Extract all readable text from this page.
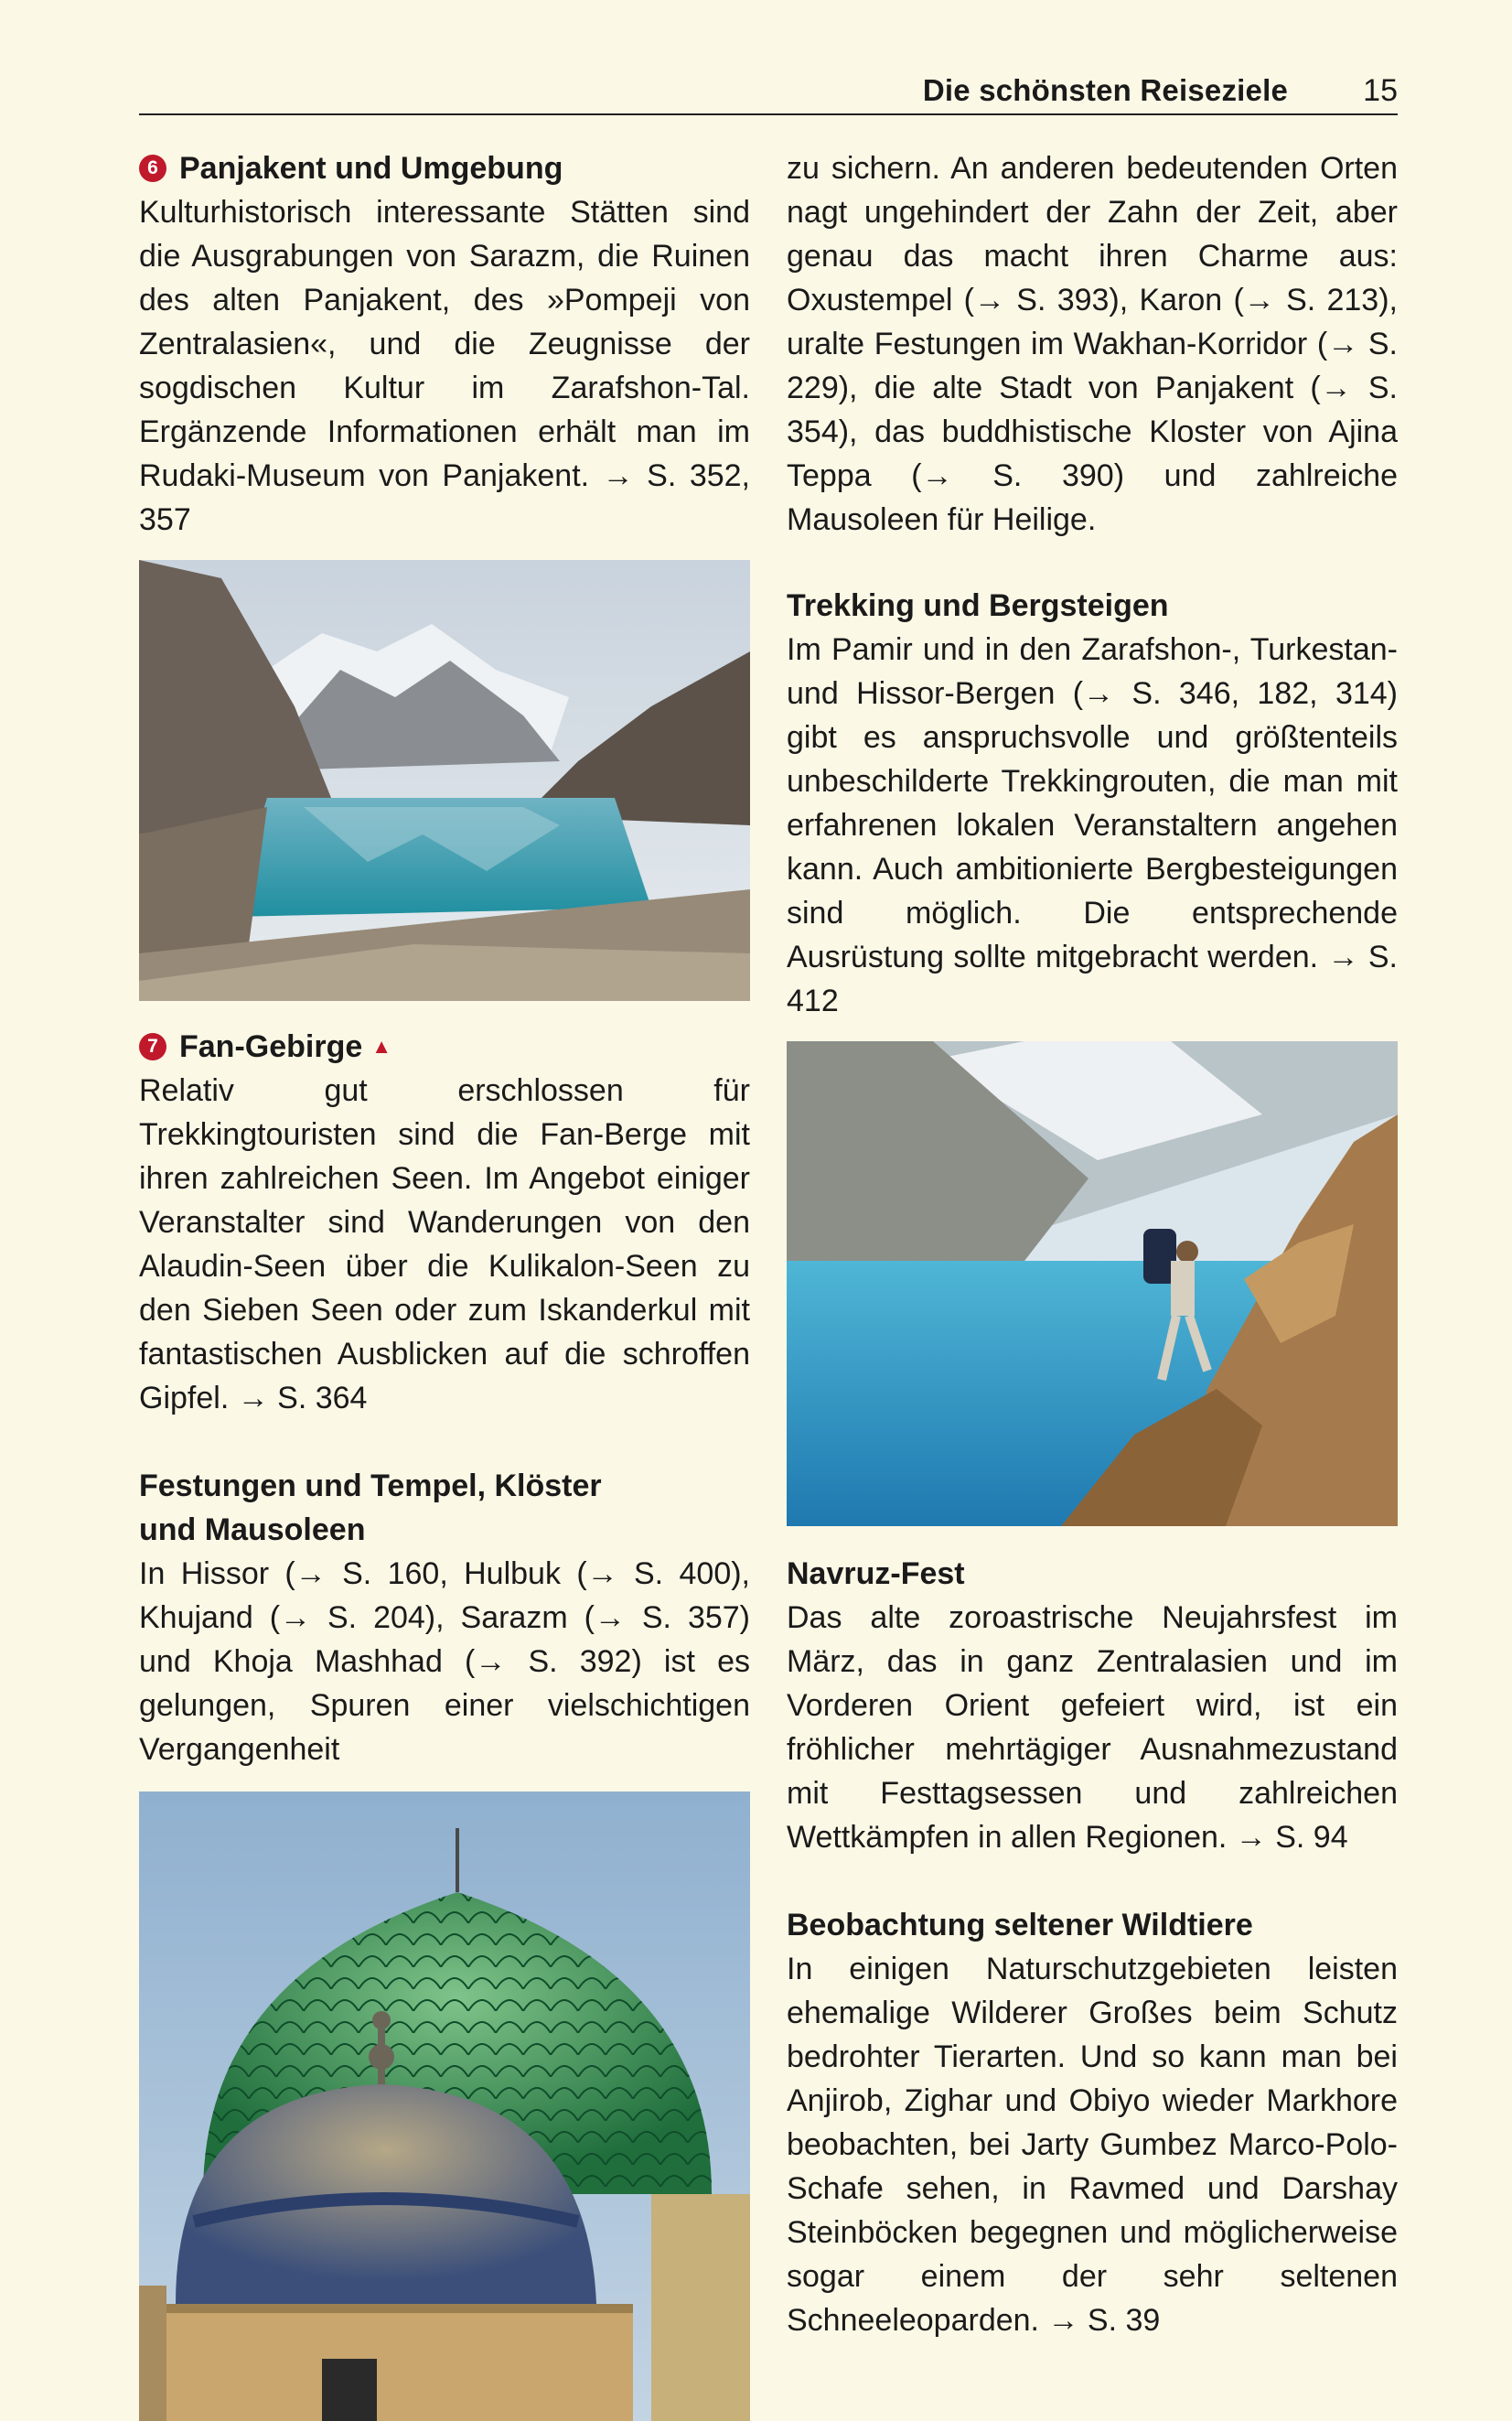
Die schönsten Reiseziele 15
6 Panjakent und Umgebung

Kulturhistorisch interessante Stätten sind die Ausgrabungen von Sarazm, die Ruinen des alten Panjakent, des »Pompeji von Zentralasien«, und die Zeugnisse der sogdischen Kultur im Zarafshon-Tal. Ergänzende Informationen erhält man im Rudaki-Museum von Panjakent. → S. 352, 357

7 Fan-Gebirge ▲

Relativ gut erschlossen für Trekkingtouristen sind die Fan-Berge mit ihren zahlreichen Seen. Im Angebot einiger Veranstalter sind Wanderungen von den Alaudin-Seen über die Kulikalon-Seen zu den Sieben Seen oder zum Iskanderkul mit fantastischen Ausblicken auf die schroffen Gipfel. → S. 364

Festungen und Tempel, Klöster
und Mausoleen

In Hissor (→ S. 160, Hulbuk (→ S. 400), Khujand (→ S. 204), Sarazm (→ S. 357) und Khoja Mashhad (→ S. 392) ist es gelungen, Spuren einer vielschichtigen Vergangenheit

zu sichern. An anderen bedeutenden Orten nagt ungehindert der Zahn der Zeit, aber genau das macht ihren Charme aus: Oxustempel (→ S. 393), Karon (→ S. 213), uralte Festungen im Wakhan-Korridor (→ S. 229), die alte Stadt von Panjakent (→ S. 354), das buddhistische Kloster von Ajina Teppa (→ S. 390) und zahlreiche Mausoleen für Heilige.

Trekking und Bergsteigen

Im Pamir und in den Zarafshon-, Turkestan- und Hissor-Bergen (→ S. 346, 182, 314) gibt es anspruchsvolle und größtenteils unbeschilderte Trekkingrouten, die man mit erfahrenen lokalen Veranstaltern angehen kann. Auch ambitionierte Bergbesteigungen sind möglich. Die entsprechende Ausrüstung sollte mitgebracht werden. → S. 412

Navruz-Fest

Das alte zoroastrische Neujahrsfest im März, das in ganz Zentralasien und im Vorderen Orient gefeiert wird, ist ein fröhlicher mehrtägiger Ausnahmezustand mit Festtagsessen und zahlreichen Wettkämpfen in allen Regionen. → S. 94

Beobachtung seltener Wildtiere

In einigen Naturschutzgebieten leisten ehemalige Wilderer Großes beim Schutz bedrohter Tierarten. Und so kann man bei Anjirob, Zighar und Obiyo wieder Markhore beobachten, bei Jarty Gumbez Marco-Polo-Schafe sehen, in Ravmed und Darshay Steinböcken begegnen und möglicherweise sogar einem der sehr seltenen Schneeleoparden. → S. 39
